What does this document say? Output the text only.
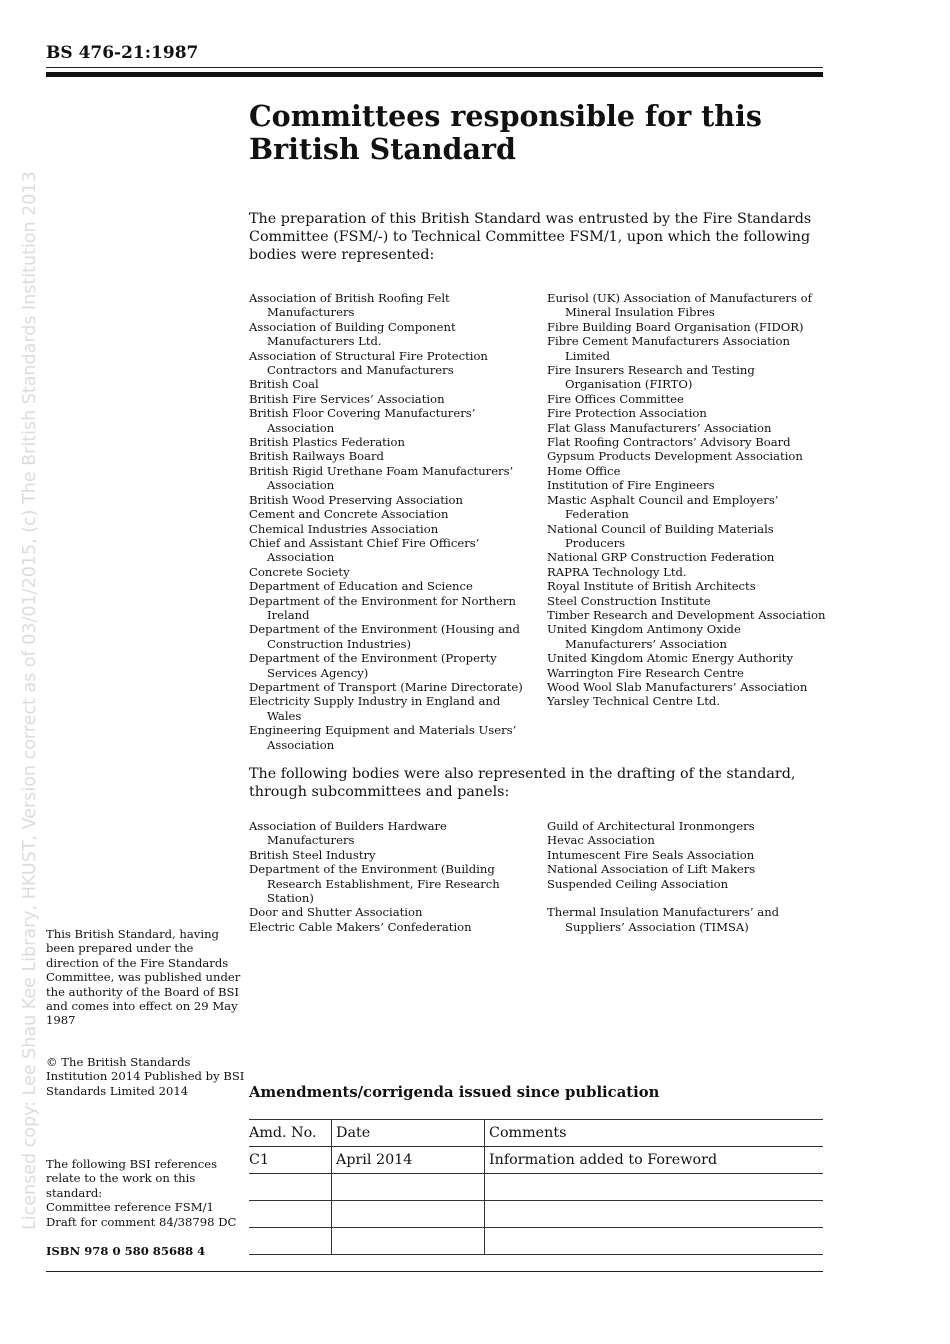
Licensed copy: Lee Shau Kee Library, HKUST, Version correct as of 03/01/2015, (c) The British Standards Institution 2013
BS 476-21:1987
Committees responsible for this
British Standard

The preparation of this British Standard was entrusted by the Fire Standards Committee (FSM/-) to Technical Committee FSM/1, upon which the following bodies were represented:

Association of British Roofing Felt Manufacturers
Association of Building Component Manufacturers Ltd.
Association of Structural Fire Protection Contractors and Manufacturers
British Coal
British Fire Services’ Association
British Floor Covering Manufacturers’ Association
British Plastics Federation
British Railways Board
British Rigid Urethane Foam Manufacturers’ Association
British Wood Preserving Association
Cement and Concrete Association
Chemical Industries Association
Chief and Assistant Chief Fire Officers’ Association
Concrete Society
Department of Education and Science
Department of the Environment for Northern Ireland
Department of the Environment (Housing and Construction Industries)
Department of the Environment (Property Services Agency)
Department of Transport (Marine Directorate)
Electricity Supply Industry in England and Wales
Engineering Equipment and Materials Users’ Association
Eurisol (UK) Association of Manufacturers of Mineral Insulation Fibres
Fibre Building Board Organisation (FIDOR)
Fibre Cement Manufacturers Association Limited
Fire Insurers Research and Testing Organisation (FIRTO)
Fire Offices Committee
Fire Protection Association
Flat Glass Manufacturers’ Association
Flat Roofing Contractors’ Advisory Board
Gypsum Products Development Association
Home Office
Institution of Fire Engineers
Mastic Asphalt Council and Employers’ Federation
National Council of Building Materials Producers
National GRP Construction Federation
RAPRA Technology Ltd.
Royal Institute of British Architects
Steel Construction Institute
Timber Research and Development Association
United Kingdom Antimony Oxide Manufacturers’ Association
United Kingdom Atomic Energy Authority
Warrington Fire Research Centre
Wood Wool Slab Manufacturers’ Association
Yarsley Technical Centre Ltd.

The following bodies were also represented in the drafting of the standard, through subcommittees and panels:

Association of Builders Hardware Manufacturers
British Steel Industry
Department of the Environment (Building Research Establishment, Fire Research Station)
Door and Shutter Association
Electric Cable Makers’ Confederation
Guild of Architectural Ironmongers
Hevac Association
Intumescent Fire Seals Association
National Association of Lift Makers
Suspended Ceiling Association
Thermal Insulation Manufacturers’ and Suppliers’ Association (TIMSA)

This British Standard, having been prepared under the direction of the Fire Standards Committee, was published under the authority of the Board of BSI and comes into effect on 29 May 1987

© The British Standards Institution 2014 Published by BSI Standards Limited 2014

The following BSI references relate to the work on this standard:
Committee reference FSM/1
Draft for comment 84/38798 DC
ISBN 978 0 580 85688 4
Amendments/corrigenda issued since publication
Amd. No.	Date	Comments
C1	April 2014	Information added to Foreword
